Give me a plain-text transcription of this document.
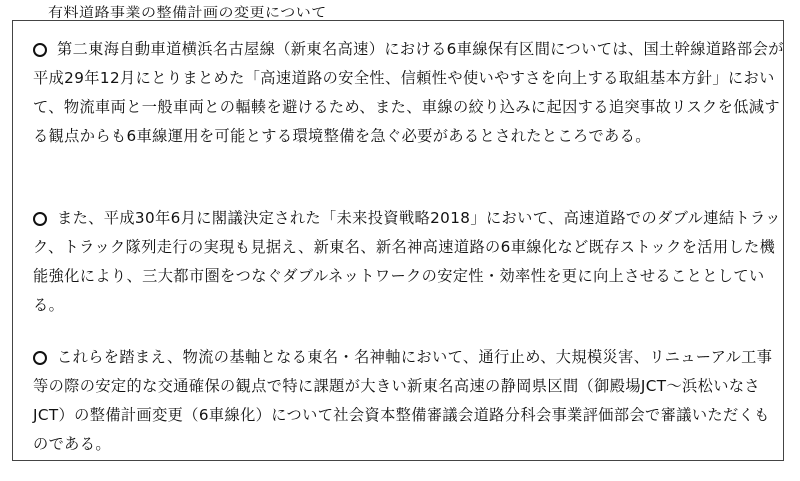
有料道路事業の整備計画の変更について

第二東海自動車道横浜名古屋線（新東名高速）における6車線保有区間については、国土幹線道路部会が平成29年12月にとりまとめた「高速道路の安全性、信頼性や使いやすさを向上する取組基本方針」において、物流車両と一般車両との輻輳を避けるため、また、車線の絞り込みに起因する追突事故リスクを低減する観点からも6車線運用を可能とする環境整備を急ぐ必要があるとされたところである。

また、平成30年6月に閣議決定された「未来投資戦略2018」において、高速道路でのダブル連結トラック、トラック隊列走行の実現も見据え、新東名、新名神高速道路の6車線化など既存ストックを活用した機能強化により、三大都市圏をつなぐダブルネットワークの安定性・効率性を更に向上させることとしている。

これらを踏まえ、物流の基軸となる東名・名神軸において、通行止め、大規模災害、リニューアル工事等の際の安定的な交通確保の観点で特に課題が大きい新東名高速の静岡県区間（御殿場JCT～浜松いなさJCT）の整備計画変更（6車線化）について社会資本整備審議会道路分科会事業評価部会で審議いただくものである。
